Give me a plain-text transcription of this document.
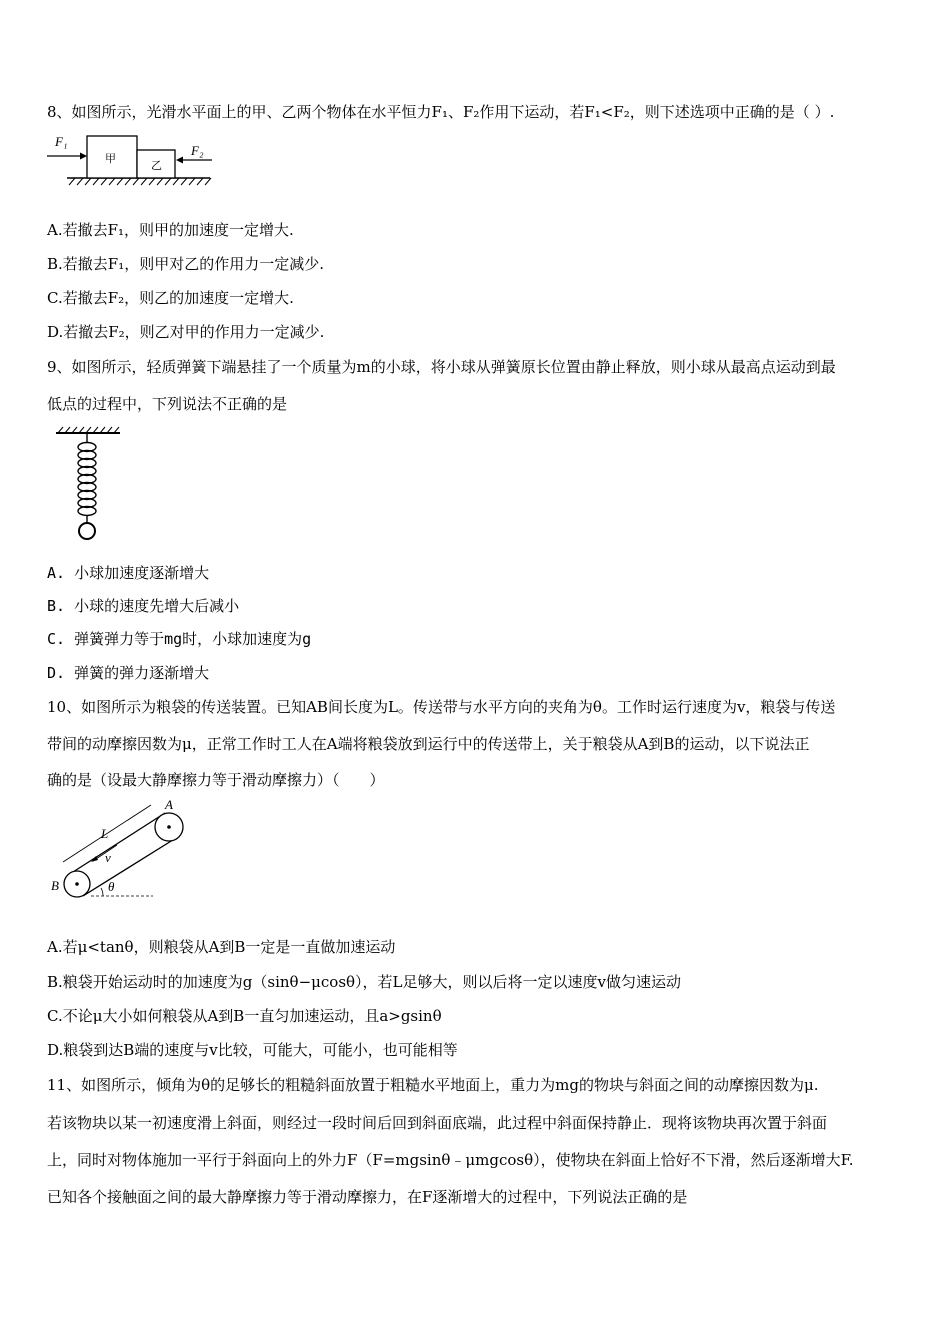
8、如图所示，光滑水平面上的甲、乙两个物体在水平恒力F₁、F₂作用下运动，若F₁<F₂，则下述选项中正确的是（ ）.
F₁
F₂
甲
乙
A.若撤去F₁，则甲的加速度一定增大.
B.若撤去F₁，则甲对乙的作用力一定减少.
C.若撤去F₂，则乙的加速度一定增大.
D.若撤去F₂，则乙对甲的作用力一定减少.
9、如图所示，轻质弹簧下端悬挂了一个质量为m的小球，将小球从弹簧原长位置由静止释放，则小球从最高点运动到最
低点的过程中，下列说法不正确的是
A. 小球加速度逐渐增大
B. 小球的速度先增大后减小
C. 弹簧弹力等于mg时，小球加速度为g
D. 弹簧的弹力逐渐增大
10、如图所示为粮袋的传送装置。已知AB间长度为L。传送带与水平方向的夹角为θ。工作时运行速度为v，粮袋与传送
带间的动摩擦因数为μ，正常工作时工人在A端将粮袋放到运行中的传送带上，关于粮袋从A到B的运动，以下说法正
确的是（设最大静摩擦力等于滑动摩擦力）（　　）
A
B
L
v
θ
A.若μ<tanθ，则粮袋从A到B一定是一直做加速运动
B.粮袋开始运动时的加速度为g（sinθ−μcosθ），若L足够大，则以后将一定以速度v做匀速运动
C.不论μ大小如何粮袋从A到B一直匀加速运动，且a>gsinθ
D.粮袋到达B端的速度与v比较，可能大，可能小，也可能相等
11、如图所示，倾角为θ的足够长的粗糙斜面放置于粗糙水平地面上，重力为mg的物块与斜面之间的动摩擦因数为μ.
若该物块以某一初速度滑上斜面，则经过一段时间后回到斜面底端，此过程中斜面保持静止．现将该物块再次置于斜面
上，同时对物体施加一平行于斜面向上的外力F（F=mgsinθ﹣μmgcosθ），使物块在斜面上恰好不下滑，然后逐渐增大F.
已知各个接触面之间的最大静摩擦力等于滑动摩擦力，在F逐渐增大的过程中，下列说法正确的是
